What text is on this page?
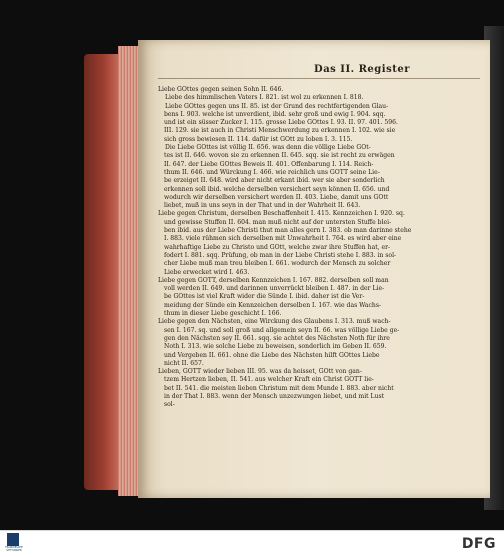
Das II. Register
Liebe GOttes gegen seinen Sohn II. 646.
Liebe des himmlischen Vaters I. 821. ist wol zu erkennen I. 818.
Liebe GOttes gegen uns II. 85. ist der Grund des rechtfertigenden Glau-
bens I. 903. welche ist unverdient, ibid. sehr groß und ewig I. 904. sqq.
und ist ein süsser Zucker I. 115. grosse Liebe GOttes I. 93. II. 97. 401. 596.
III. 129. sie ist auch in Christi Menschwerdung zu erkennen I. 102. wie sie
sich gross bewiesen II. 114. dafür ist GOtt zu loben I. 3. 115.
Die Liebe GOttes ist völlig II. 656. was denn die völlige Liebe GOt-
tes ist II. 646. wovon sie zu erkennen II. 645. sqq. sie ist recht zu erwägen
II. 647. der Liebe GOttes Beweis II. 401. Offenbarung I. 114. Reich-
thum II. 646. und Würckung I. 466. wie reichlich uns GOTT seine Lie-
be erzeiget II. 648. wird aber nicht erkant ibid. wer sie aber sonderlich
erkennen soll ibid. welche derselben versichert seyn können II. 656. und
wodurch wir derselben versichert werden II. 403. Liebe, damit uns GOtt
liebet, muß in uns seyn in der That und in der Wahrheit II. 643.
Liebe gegen Christum, derselben Beschaffenheit I. 415. Kennzeichen I. 920. sq.
und gewisse Stuffen II. 604. man muß nicht auf der untersten Stuffe blei-
ben ibid. aus der Liebe Christi thut man alles gern I. 383. ob man darinne stehe
I. 883. viele rühmen sich derselben mit Unwahrheit I. 764. es wird aber eine
wahrhaftige Liebe zu Christo und GOtt, welche zwar ihre Stuffen hat, er-
fodert I. 881. sqq. Prüfung, ob man in der Liebe Christi stehe I. 883. in sol-
cher Liebe muß man treu bleiben I. 661. wodurch der Mensch zu solcher
Liebe erwecket wird I. 463.
Liebe gegen GOTT, derselben Kennzeichen I. 167. 882. derselben soll man
voll werden II. 649. und darinnen unverrückt bleiben I. 487. in der Lie-
be GOttes ist viel Kraft wider die Sünde I. ibid. daher ist die Ver-
meidung der Sünde ein Kennzeichen derselben I. 167. wie das Wachs-
thum in dieser Liebe geschicht I. 166.
Liebe gegen den Nächsten, eine Wirckung des Glaubens I. 313. muß wach-
sen I. 167. sq. und soll groß und allgemein seyn II. 66. was völlige Liebe ge-
gen den Nächsten sey II. 661. sqq. sie achtet des Nächsten Noth für ihre
Noth I. 313. wie solche Liebe zu beweisen, sonderlich im Geben II. 659.
und Vergeben II. 661. ohne die Liebe des Nächsten hilft GOttes Liebe
nicht II. 657.
Lieben, GOTT wieder lieben III. 95. was da heisset, GOtt von gan-
tzem Hertzen lieben, II. 541. aus welcher Kraft ein Christ GOTT lie-
bet II. 541. die meisten lieben Christum mit dem Munde I. 883. aber nicht
in der That I. 883. wenn der Mensch unzezwungen liebet, und mit Lust
sol-
FRANCKESCHE STIFTUNGEN	DFG
